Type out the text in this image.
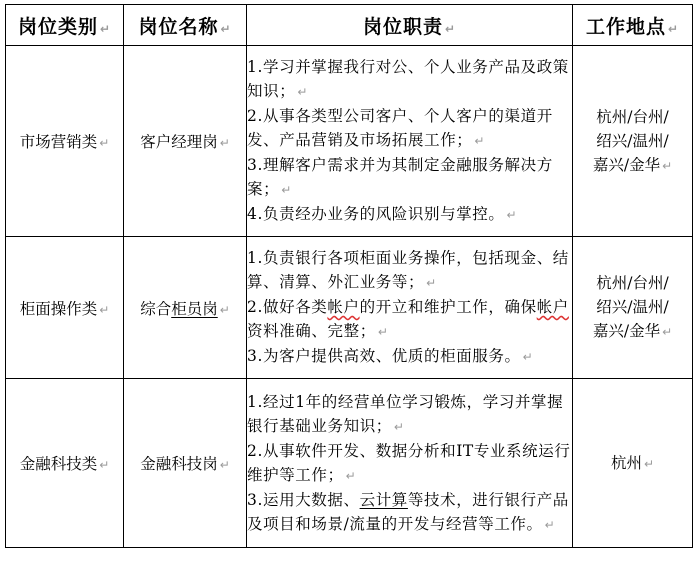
岗位类别 ↵	岗位名称 ↵	岗位职责 ↵	工作地点 ↵
市场营销类 ↵	客户经理岗 ↵	1.学习并掌握我行对公、个人业务产品及政策知识； ↵
2.从事各类型公司客户、个人客户的渠道开发、产品营销及市场拓展工作； ↵
3.理解客户需求并为其制定金融服务解决方案； ↵
4.负责经办业务的风险识别与掌控。 ↵	杭州/台州/
绍兴/温州/
嘉兴/金华 ↵

柜面操作类 ↵	综合柜员岗 ↵	1.负责银行各项柜面业务操作，包括现金、结算、清算、外汇业务等； ↵
2.做好各类帐户的开立和维护工作，确保帐户资料准确、完整； ↵
3.为客户提供高效、优质的柜面服务。 ↵	杭州/台州/
绍兴/温州/
嘉兴/金华 ↵

金融科技类 ↵	金融科技岗 ↵	1.经过1年的经营单位学习锻炼，学习并掌握银行基础业务知识； ↵
2.从事软件开发、数据分析和IT专业系统运行维护等工作； ↵
3.运用大数据、云计算等技术，进行银行产品及项目和场景/流量的开发与经营等工作。 ↵	杭州 ↵
